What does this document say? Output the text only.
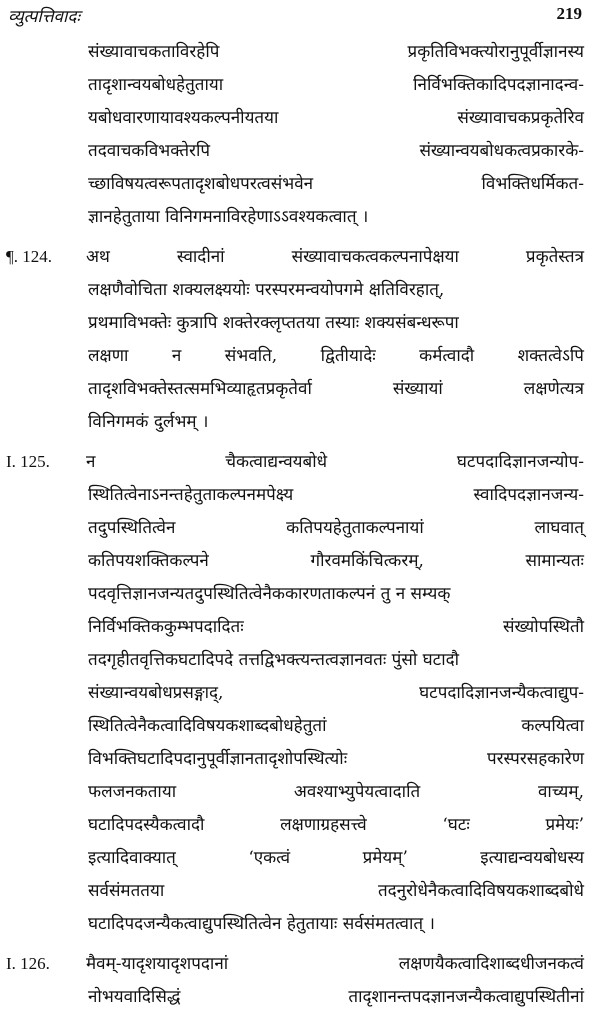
व्युत्पत्तिवादः	219
संख्यावाचकताविरहेपि	प्रकृतिविभक्त्योरानुपूर्वीज्ञानस्य
तादृशान्वयबोधहेतुताया	निर्विभक्तिकादिपदज्ञानादन्व-
यबोधवारणायावश्यकल्पनीयतया	संख्यावाचकप्रकृतेरिव
तदवाचकविभक्तेरपि	संख्यान्वयबोधकत्वप्रकारके-
च्छाविषयत्वरूपतादृशबोधपरत्वसंभवेन	विभक्तिधर्मिकत-
ज्ञानहेतुताया विनिगमनाविरहेणाऽऽवश्यकत्वात् ।
¶. 124.	अथ	स्वादीनां	संख्यावाचकत्वकल्पनापेक्षया	प्रकृतेस्तत्र
लक्षणैवोचिता शक्यलक्ष्ययोः परस्परमन्वयोपगमे क्षतिविरहात्,
प्रथमाविभक्तेः कुत्रापि शक्तेरक्लृप्ततया तस्याः शक्यसंबन्धरूपा
लक्षणा	न	संभवति,	द्वितीयादेः	कर्मत्वादौ	शक्तत्वेऽपि
तादृशविभक्तेस्तत्समभिव्याहृतप्रकृतेर्वा	संख्यायां	लक्षणेत्यत्र
विनिगमकं दुर्लभम् ।
I. 125.	न	चैकत्वाद्यन्वयबोधे	घटपदादिज्ञानजन्योप-
स्थितित्वेनाऽनन्तहेतुताकल्पनमपेक्ष्य	स्वादिपदज्ञानजन्य-
तदुपस्थितित्वेन	कतिपयहेतुताकल्पनायां	लाघवात्
कतिपयशक्तिकल्पने	गौरवमकिंचित्करम्,	सामान्यतः
पदवृत्तिज्ञानजन्यतदुपस्थितित्वेनैककारणताकल्पनं तु न सम्यक्
निर्विभक्तिककुम्भपदादितः	संख्योपस्थितौ
तदगृहीतवृत्तिकघटादिपदे तत्तद्विभक्त्यन्तत्वज्ञानवतः पुंसो घटादौ
संख्यान्वयबोधप्रसङ्गाद्,	घटपदादिज्ञानजन्यैकत्वाद्युप-
स्थितित्वेनैकत्वादिविषयकशाब्दबोधहेतुतां	कल्पयित्वा
विभक्तिघटादिपदानुपूर्वीज्ञानतादृशोपस्थित्योः	परस्परसहकारेण
फलजनकताया	अवश्याभ्युपेयत्वादाति	वाच्यम्,
घटादिपदस्यैकत्वादौ	लक्षणाग्रहसत्त्वे	‘घटः	प्रमेयः’
इत्यादिवाक्यात्	‘एकत्वं	प्रमेयम्’	इत्याद्यन्वयबोधस्य
सर्वसंमततया	तदनुरोधेनैकत्वादिविषयकशाब्दबोधे
घटादिपदजन्यैकत्वाद्युपस्थितित्वेन हेतुतायाः सर्वसंमतत्वात् ।
I. 126.	मैवम्-यादृशयादृशपदानां	लक्षणयैकत्वादिशाब्दधीजनकत्वं
नोभयवादिसिद्धं	तादृशानन्तपदज्ञानजन्यैकत्वाद्युपस्थितीनां
